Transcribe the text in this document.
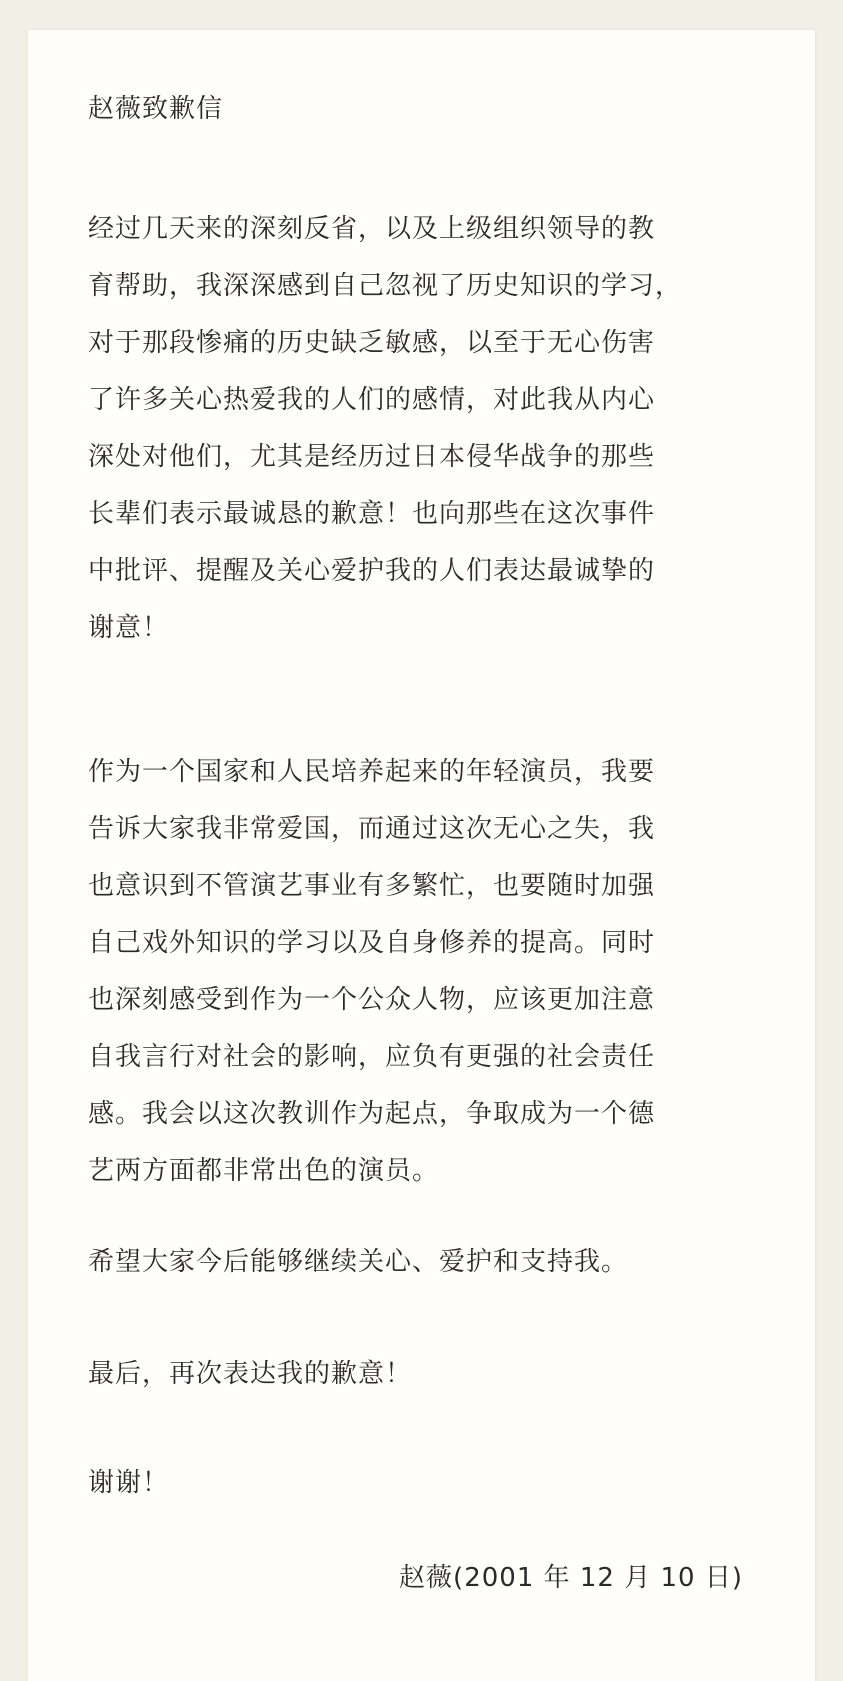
赵薇致歉信

经过几天来的深刻反省，以及上级组织领导的教
育帮助，我深深感到自己忽视了历史知识的学习，
对于那段惨痛的历史缺乏敏感，以至于无心伤害
了许多关心热爱我的人们的感情，对此我从内心
深处对他们，尤其是经历过日本侵华战争的那些
长辈们表示最诚恳的歉意！也向那些在这次事件
中批评、提醒及关心爱护我的人们表达最诚挚的
谢意！

作为一个国家和人民培养起来的年轻演员，我要
告诉大家我非常爱国，而通过这次无心之失，我
也意识到不管演艺事业有多繁忙，也要随时加强
自己戏外知识的学习以及自身修养的提高。同时
也深刻感受到作为一个公众人物，应该更加注意
自我言行对社会的影响，应负有更强的社会责任
感。我会以这次教训作为起点，争取成为一个德
艺两方面都非常出色的演员。

希望大家今后能够继续关心、爱护和支持我。

最后，再次表达我的歉意！

谢谢！

赵薇(2001 年 12 月 10 日)
